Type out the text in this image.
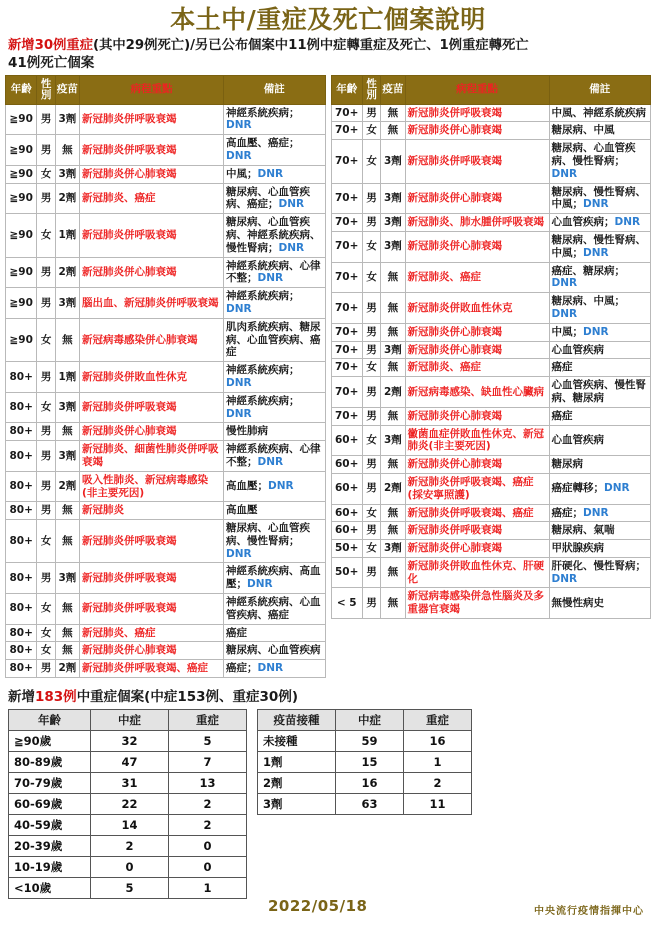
本土中/重症及死亡個案說明
新增30例重症(其中29例死亡)/另已公布個案中11例中症轉重症及死亡、1例重症轉死亡
41例死亡個案
年齡	性別	疫苗	病程重點	備註
≧90	男	3劑	新冠肺炎併呼吸衰竭	神經系統疾病；DNR
≧90	男	無	新冠肺炎併呼吸衰竭	高血壓、癌症；DNR
≧90	女	3劑	新冠肺炎併心肺衰竭	中風；DNR
≧90	男	2劑	新冠肺炎、癌症	糖尿病、心血管疾病、癌症；DNR
≧90	女	1劑	新冠肺炎併呼吸衰竭	糖尿病、心血管疾病、神經系統疾病、慢性腎病；DNR
≧90	男	2劑	新冠肺炎併心肺衰竭	神經系統疾病、心律不整；DNR
≧90	男	3劑	腦出血、新冠肺炎併呼吸衰竭	神經系統疾病；DNR
≧90	女	無	新冠病毒感染併心肺衰竭	肌肉系統疾病、糖尿病、心血管疾病、癌症
80+	男	1劑	新冠肺炎併敗血性休克	神經系統疾病；DNR
80+	女	3劑	新冠肺炎併呼吸衰竭	神經系統疾病；DNR
80+	男	無	新冠肺炎併心肺衰竭	慢性肺病
80+	男	3劑	新冠肺炎、細菌性肺炎併呼吸衰竭	神經系統疾病、心律不整；DNR
80+	男	2劑	吸入性肺炎、新冠病毒感染(非主要死因)	高血壓；DNR
80+	男	無	新冠肺炎	高血壓
80+	女	無	新冠肺炎併呼吸衰竭	糖尿病、心血管疾病、慢性腎病；DNR
80+	男	3劑	新冠肺炎併呼吸衰竭	神經系統疾病、高血壓；DNR
80+	女	無	新冠肺炎併呼吸衰竭	神經系統疾病、心血管疾病、癌症
80+	女	無	新冠肺炎、癌症	癌症
80+	女	無	新冠肺炎併心肺衰竭	糖尿病、心血管疾病
80+	男	2劑	新冠肺炎併呼吸衰竭、癌症	癌症；DNR
年齡	性別	疫苗	病程重點	備註
70+	男	無	新冠肺炎併呼吸衰竭	中風、神經系統疾病
70+	女	無	新冠肺炎併心肺衰竭	糖尿病、中風
70+	女	3劑	新冠肺炎併呼吸衰竭	糖尿病、心血管疾病、慢性腎病；DNR
70+	男	3劑	新冠肺炎併心肺衰竭	糖尿病、慢性腎病、中風；DNR
70+	男	3劑	新冠肺炎、肺水腫併呼吸衰竭	心血管疾病；DNR
70+	女	3劑	新冠肺炎併心肺衰竭	糖尿病、慢性腎病、中風；DNR
70+	女	無	新冠肺炎、癌症	癌症、糖尿病；DNR
70+	男	無	新冠肺炎併敗血性休克	糖尿病、中風；DNR
70+	男	無	新冠肺炎併心肺衰竭	中風；DNR
70+	男	3劑	新冠肺炎併心肺衰竭	心血管疾病
70+	女	無	新冠肺炎、癌症	癌症
70+	男	2劑	新冠病毒感染、缺血性心臟病	心血管疾病、慢性腎病、糖尿病
70+	男	無	新冠肺炎併心肺衰竭	癌症
60+	女	3劑	黴菌血症併敗血性休克、新冠肺炎(非主要死因)	心血管疾病
60+	男	無	新冠肺炎併心肺衰竭	糖尿病
60+	男	2劑	新冠肺炎併呼吸衰竭、癌症(採安寧照護)	癌症轉移；DNR
60+	女	無	新冠肺炎併呼吸衰竭、癌症	癌症；DNR
60+	男	無	新冠肺炎併呼吸衰竭	糖尿病、氣喘
50+	女	3劑	新冠肺炎併心肺衰竭	甲狀腺疾病
50+	男	無	新冠肺炎併敗血性休克、肝硬化	肝硬化、慢性腎病；DNR
< 5	男	無	新冠病毒感染併急性腦炎及多重器官衰竭	無慢性病史
新增183例中重症個案(中症153例、重症30例)
年齡	中症	重症
≧90歲	32	5
80-89歲	47	7
70-79歲	31	13
60-69歲	22	2
40-59歲	14	2
20-39歲	2	0
10-19歲	0	0
<10歲	5	1
疫苗接種	中症	重症
未接種	59	16
1劑	15	1
2劑	16	2
3劑	63	11
2022/05/18	中央流行疫情指揮中心
